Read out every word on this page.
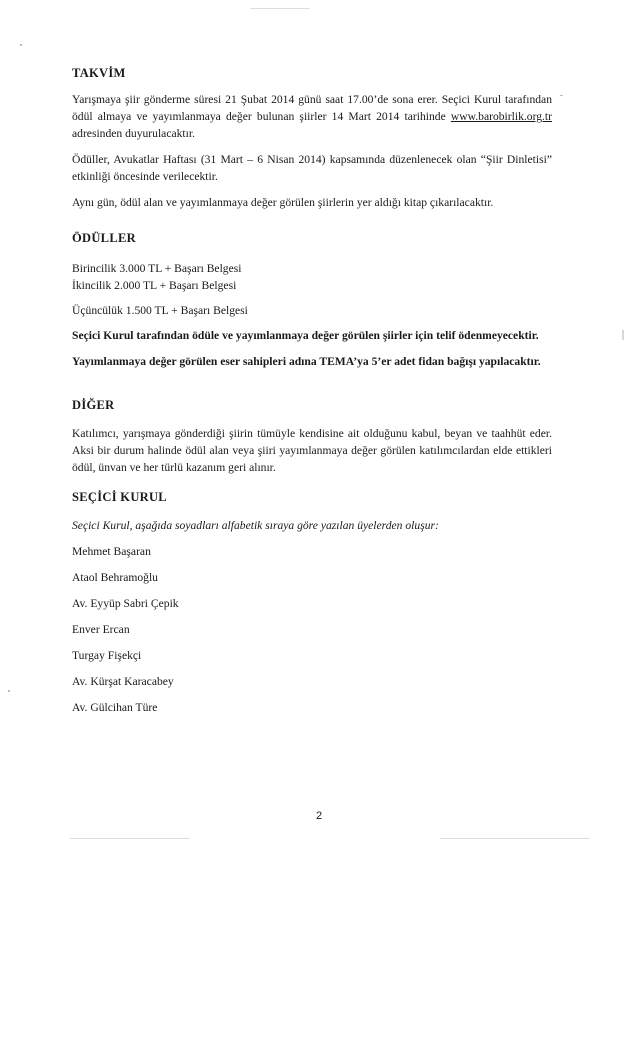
TAKVİM

Yarışmaya şiir gönderme süresi 21 Şubat 2014 günü saat 17.00’de sona erer. Seçici Kurul tarafından ödül almaya ve yayımlanmaya değer bulunan şiirler 14 Mart 2014 tarihinde www.barobirlik.org.tr adresinden duyurulacaktır.

Ödüller, Avukatlar Haftası (31 Mart – 6 Nisan 2014) kapsamında düzenlenecek olan “Şiir Dinletisi” etkinliği öncesinde verilecektir.

Aynı gün, ödül alan ve yayımlanmaya değer görülen şiirlerin yer aldığı kitap çıkarılacaktır.

ÖDÜLLER

Birincilik 3.000 TL + Başarı Belgesi

İkincilik 2.000 TL + Başarı Belgesi

Üçüncülük 1.500 TL + Başarı Belgesi

Seçici Kurul tarafından ödüle ve yayımlanmaya değer görülen şiirler için telif ödenmeyecektir.

Yayımlanmaya değer görülen eser sahipleri adına TEMA’ya 5’er adet fidan bağışı yapılacaktır.

DİĞER

Katılımcı, yarışmaya gönderdiği şiirin tümüyle kendisine ait olduğunu kabul, beyan ve taahhüt eder. Aksi bir durum halinde ödül alan veya şiiri yayımlanmaya değer görülen katılımcılardan elde ettikleri ödül, ünvan ve her türlü kazanım geri alınır.

SEÇİCİ KURUL

Seçici Kurul, aşağıda soyadları alfabetik sıraya göre yazılan üyelerden oluşur:

Mehmet Başaran

Ataol Behramoğlu

Av. Eyyüp Sabri Çepik

Enver Ercan

Turgay Fişekçi

Av. Kürşat Karacabey

Av. Gülcihan Türe

2
